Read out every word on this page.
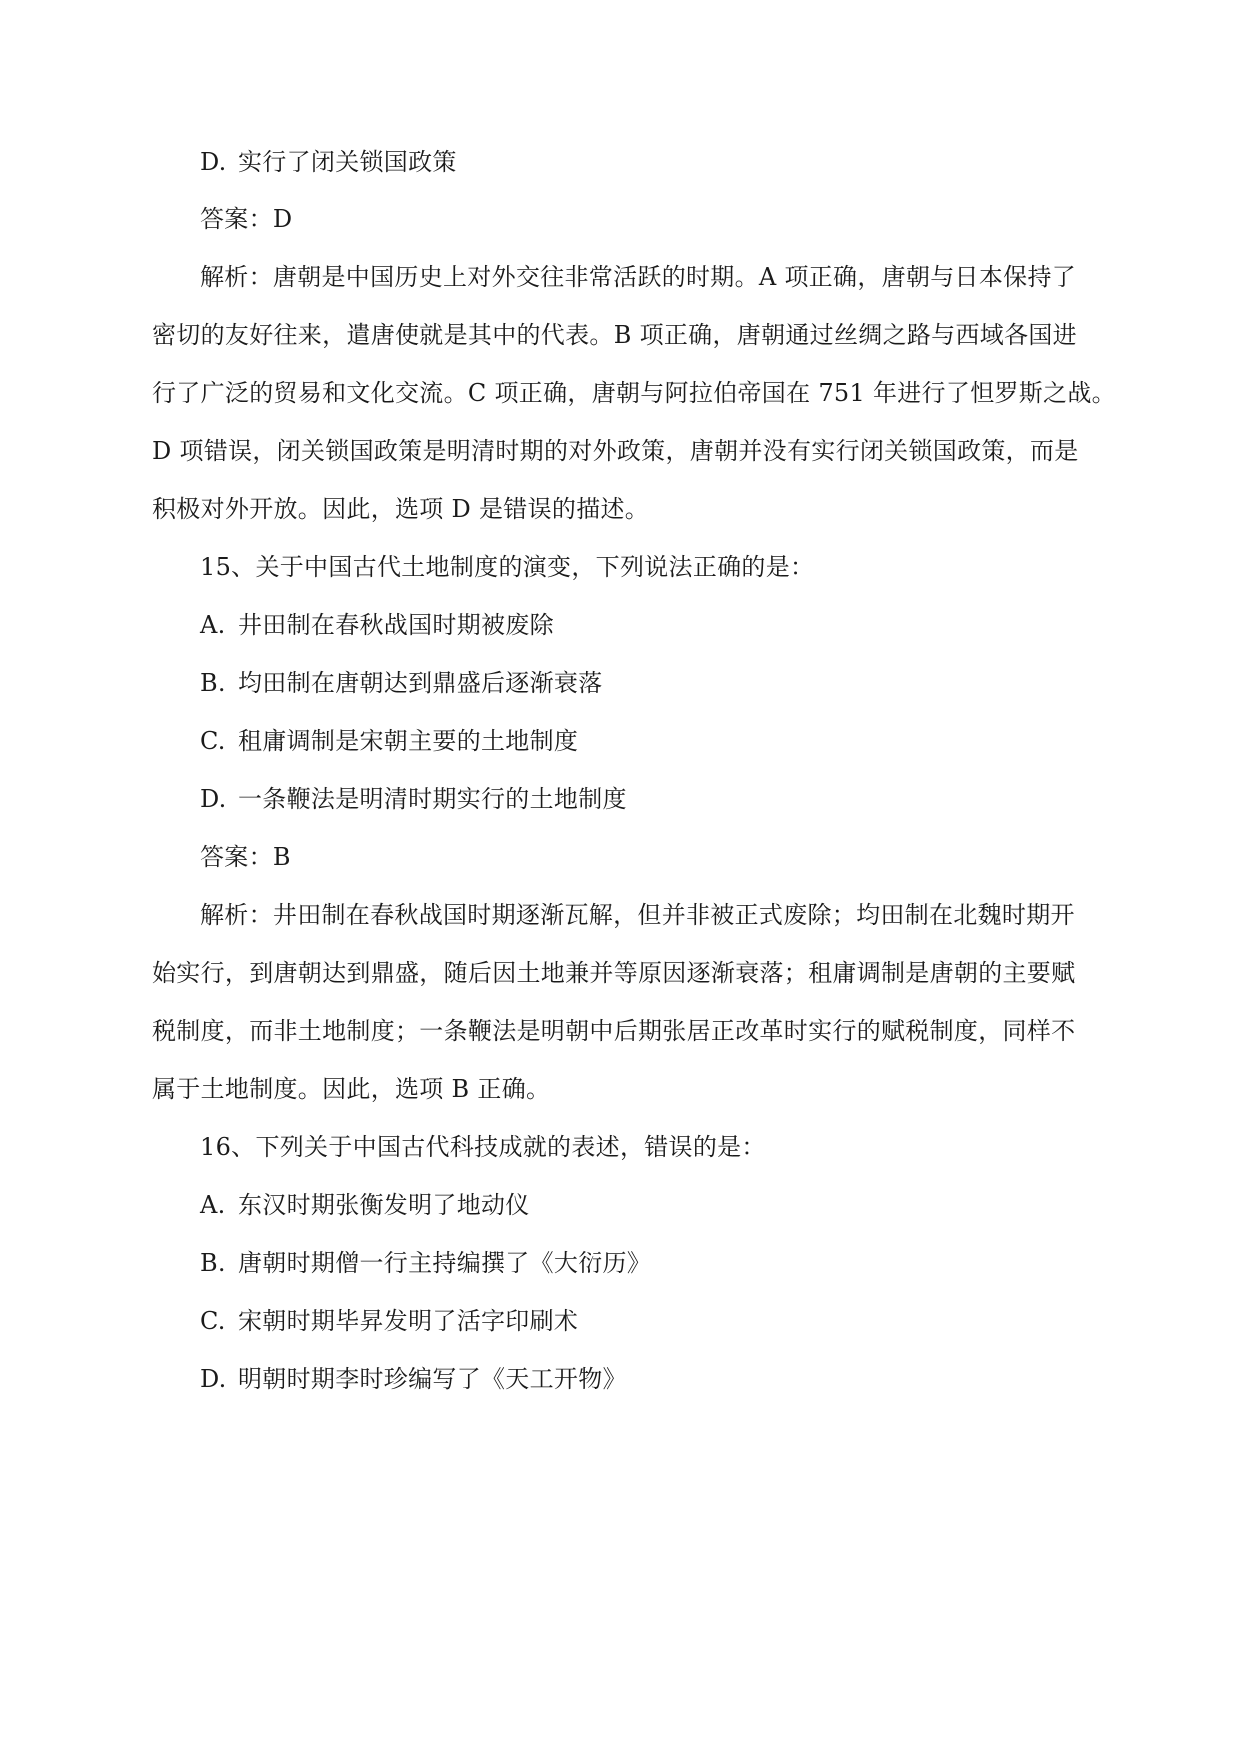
D. 实行了闭关锁国政策
答案：D
解析：唐朝是中国历史上对外交往非常活跃的时期。A 项正确，唐朝与日本保持了
密切的友好往来，遣唐使就是其中的代表。B 项正确，唐朝通过丝绸之路与西域各国进
行了广泛的贸易和文化交流。C 项正确，唐朝与阿拉伯帝国在 751 年进行了怛罗斯之战。
D 项错误，闭关锁国政策是明清时期的对外政策，唐朝并没有实行闭关锁国政策，而是
积极对外开放。因此，选项 D 是错误的描述。
15、关于中国古代土地制度的演变，下列说法正确的是：
A. 井田制在春秋战国时期被废除
B. 均田制在唐朝达到鼎盛后逐渐衰落
C. 租庸调制是宋朝主要的土地制度
D. 一条鞭法是明清时期实行的土地制度
答案：B
解析：井田制在春秋战国时期逐渐瓦解，但并非被正式废除；均田制在北魏时期开
始实行，到唐朝达到鼎盛，随后因土地兼并等原因逐渐衰落；租庸调制是唐朝的主要赋
税制度，而非土地制度；一条鞭法是明朝中后期张居正改革时实行的赋税制度，同样不
属于土地制度。因此，选项 B 正确。
16、下列关于中国古代科技成就的表述，错误的是：
A. 东汉时期张衡发明了地动仪
B. 唐朝时期僧一行主持编撰了《大衍历》
C. 宋朝时期毕昇发明了活字印刷术
D. 明朝时期李时珍编写了《天工开物》
